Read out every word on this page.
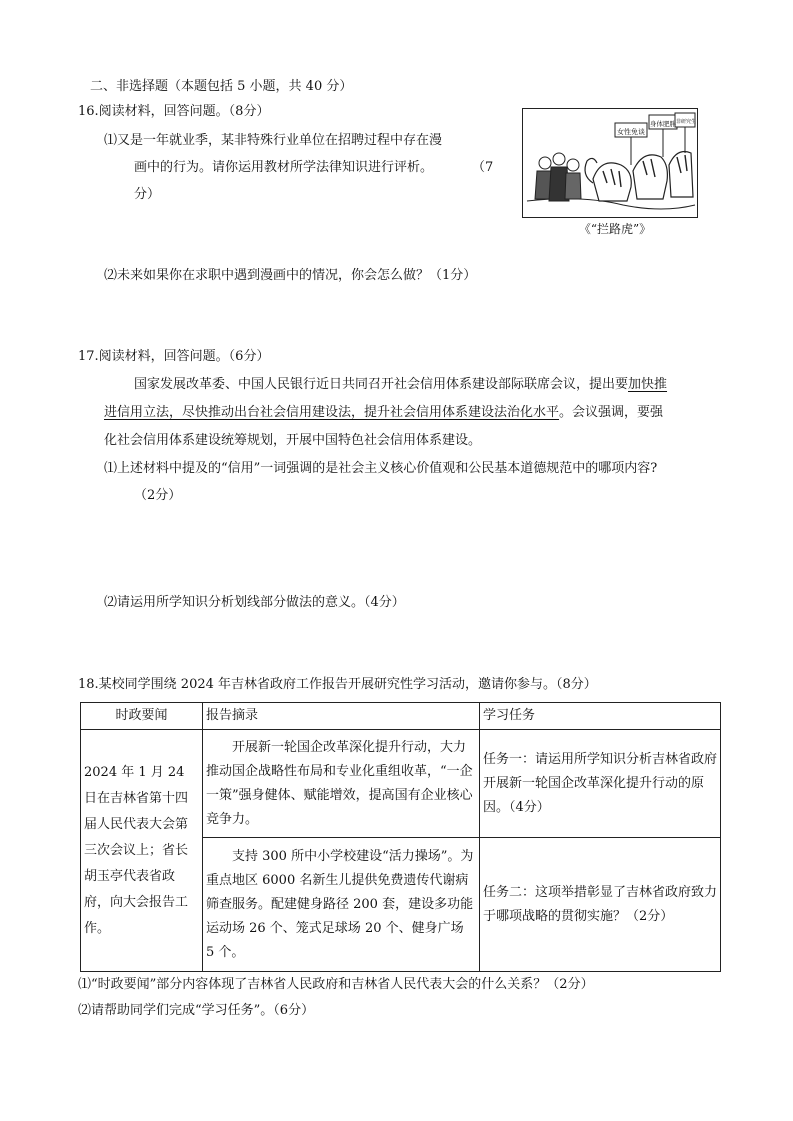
二、非选择题（本题包括 5 小题，共 40 分）
16.阅读材料，回答问题。（8分）
⑴又是一年就业季，某非特殊行业单位在招聘过程中存在漫
画中的行为。请你运用教材所学法律知识进行评析。	（7
分）
女性免谈
身体肥胖 非研究生
《“拦路虎”》
⑵未来如果你在求职中遇到漫画中的情况，你会怎么做？（1分）
17.阅读材料，回答问题。（6分）
国家发展改革委、中国人民银行近日共同召开社会信用体系建设部际联席会议，提出要加快推
进信用立法，尽快推动出台社会信用建设法，提升社会信用体系建设法治化水平。会议强调，要强
化社会信用体系建设统筹规划，开展中国特色社会信用体系建设。
⑴上述材料中提及的“信用”一词强调的是社会主义核心价值观和公民基本道德规范中的哪项内容?
（2分）
⑵请运用所学知识分析划线部分做法的意义。（4分）
18.某校同学围绕 2024 年吉林省政府工作报告开展研究性学习活动，邀请你参与。（8分）
时政要闻	报告摘录	学习任务
2024 年 1 月 24 日在吉林省第十四届人民代表大会第三次会议上；省长胡玉亭代表省政府，向大会报告工作。	开展新一轮国企改革深化提升行动，大力推动国企战略性布局和专业化重组收革，“一企一策”强身健体、赋能增效，提高国有企业核心竞争力。	任务一：请运用所学知识分析吉林省政府开展新一轮国企改革深化提升行动的原因。（4分）
	支持 300 所中小学校建设“活力操场”。为重点地区 6000 名新生儿提供免费遗传代谢病筛查服务。配建健身路径 200 套，建设多功能运动场 26 个、笼式足球场 20 个、健身广场 5 个。	任务二：这项举措彰显了吉林省政府致力于哪项战略的贯彻实施？（2分）
⑴“时政要闻”部分内容体现了吉林省人民政府和吉林省人民代表大会的什么关系？（2分）
⑵请帮助同学们完成“学习任务”。（6分）
